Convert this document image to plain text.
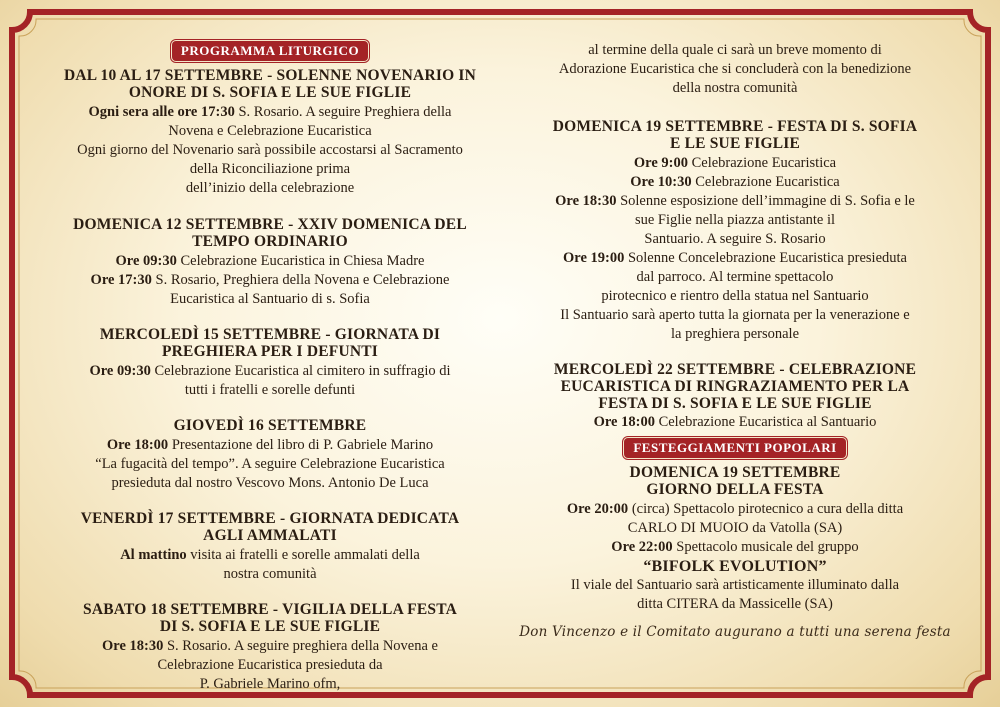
PROGRAMMA LITURGICO
DAL 10 AL 17 SETTEMBRE - SOLENNE NOVENARIO IN
ONORE DI S. SOFIA E LE SUE FIGLIE
Ogni sera alle ore 17:30 S. Rosario. A seguire Preghiera della
Novena e Celebrazione Eucaristica
Ogni giorno del Novenario sarà possibile accostarsi al Sacramento
della Riconciliazione prima
dell’inizio della celebrazione
DOMENICA 12 SETTEMBRE - XXIV DOMENICA DEL
TEMPO ORDINARIO
Ore 09:30 Celebrazione Eucaristica in Chiesa Madre
Ore 17:30 S. Rosario, Preghiera della Novena e Celebrazione
Eucaristica al Santuario di s. Sofia
MERCOLEDÌ 15 SETTEMBRE - GIORNATA DI
PREGHIERA PER I DEFUNTI
Ore 09:30 Celebrazione Eucaristica al cimitero in suffragio di
tutti i fratelli e sorelle defunti
GIOVEDÌ 16 SETTEMBRE
Ore 18:00 Presentazione del libro di P. Gabriele Marino
“La fugacità del tempo”. A seguire Celebrazione Eucaristica
presieduta dal nostro Vescovo Mons. Antonio De Luca
VENERDÌ 17 SETTEMBRE - GIORNATA DEDICATA
AGLI AMMALATI
Al mattino visita ai fratelli e sorelle ammalati della
nostra comunità
SABATO 18 SETTEMBRE - VIGILIA DELLA FESTA
DI S. SOFIA E LE SUE FIGLIE
Ore 18:30 S. Rosario. A seguire preghiera della Novena e
Celebrazione Eucaristica presieduta da
P. Gabriele Marino ofm,
al termine della quale ci sarà un breve momento di
Adorazione Eucaristica che si concluderà con la benedizione
della nostra comunità
DOMENICA 19 SETTEMBRE - FESTA DI S. SOFIA
E LE SUE FIGLIE
Ore 9:00 Celebrazione Eucaristica
Ore 10:30 Celebrazione Eucaristica
Ore 18:30 Solenne esposizione dell’immagine di S. Sofia e le
sue Figlie nella piazza antistante il
Santuario. A seguire S. Rosario
Ore 19:00 Solenne Concelebrazione Eucaristica presieduta
dal parroco. Al termine spettacolo
pirotecnico e rientro della statua nel Santuario
Il Santuario sarà aperto tutta la giornata per la venerazione e
la preghiera personale
MERCOLEDÌ 22 SETTEMBRE - CELEBRAZIONE
EUCARISTICA DI RINGRAZIAMENTO PER LA
FESTA DI S. SOFIA E LE SUE FIGLIE
Ore 18:00 Celebrazione Eucaristica al Santuario
FESTEGGIAMENTI POPOLARI
DOMENICA 19 SETTEMBRE
GIORNO DELLA FESTA
Ore 20:00 (circa) Spettacolo pirotecnico a cura della ditta
CARLO DI MUOIO da Vatolla (SA)
Ore 22:00 Spettacolo musicale del gruppo
“BIFOLK EVOLUTION”
Il viale del Santuario sarà artisticamente illuminato dalla
ditta CITERA da Massicelle (SA)
Don Vincenzo e il Comitato augurano a tutti una serena festa
